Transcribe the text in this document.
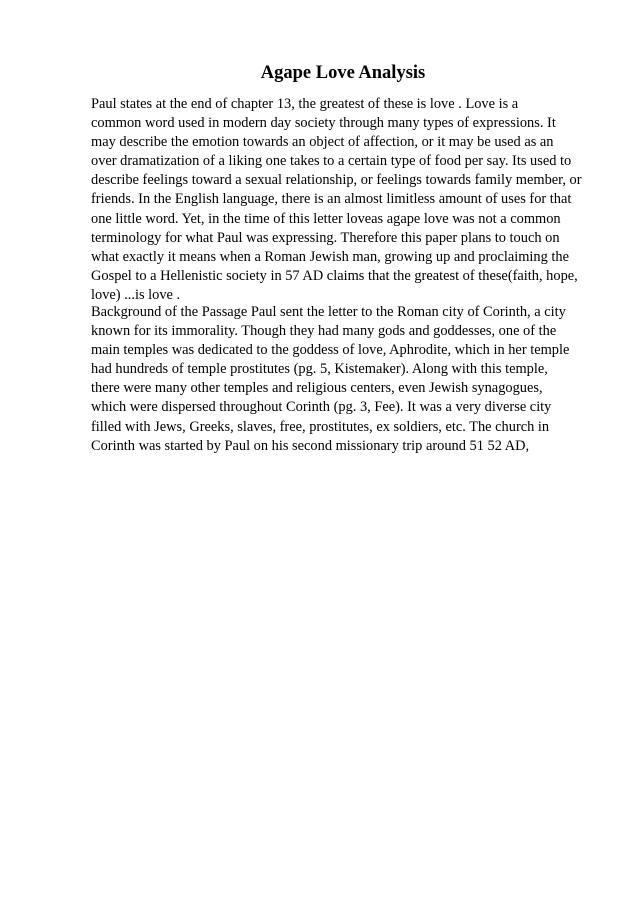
Agape Love Analysis

Paul states at the end of chapter 13, the greatest of these is love . Love is a
common word used in modern day society through many types of expressions. It
may describe the emotion towards an object of affection, or it may be used as an
over dramatization of a liking one takes to a certain type of food per say. Its used to
describe feelings toward a sexual relationship, or feelings towards family member, or
friends. In the English language, there is an almost limitless amount of uses for that
one little word. Yet, in the time of this letter loveas agape love was not a common
terminology for what Paul was expressing. Therefore this paper plans to touch on
what exactly it means when a Roman Jewish man, growing up and proclaiming the
Gospel to a Hellenistic society in 57 AD claims that the greatest of these(faith, hope,
love) ...is love .

Background of the Passage Paul sent the letter to the Roman city of Corinth, a city
known for its immorality. Though they had many gods and goddesses, one of the
main temples was dedicated to the goddess of love, Aphrodite, which in her temple
had hundreds of temple prostitutes (pg. 5, Kistemaker). Along with this temple,
there were many other temples and religious centers, even Jewish synagogues,
which were dispersed throughout Corinth (pg. 3, Fee). It was a very diverse city
filled with Jews, Greeks, slaves, free, prostitutes, ex soldiers, etc. The church in
Corinth was started by Paul on his second missionary trip around 51 52 AD,
